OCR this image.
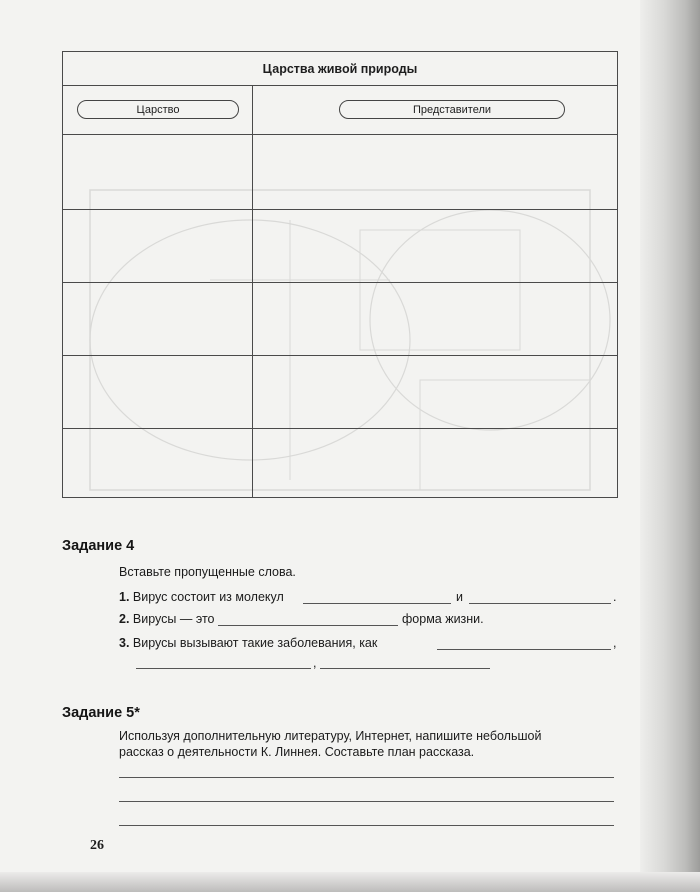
Царства живой природы
Царство	Представители
Задание 4
Вставьте пропущенные слова.
1. Вирус состоит из молекул	и	.
2. Вирусы — это	форма жизни.
3. Вирусы вызывают такие заболевания, как	,
,
Задание 5*
Используя дополнительную литературу, Интернет, напишите небольшой
рассказ о деятельности К. Линнея. Составьте план рассказа.
26
